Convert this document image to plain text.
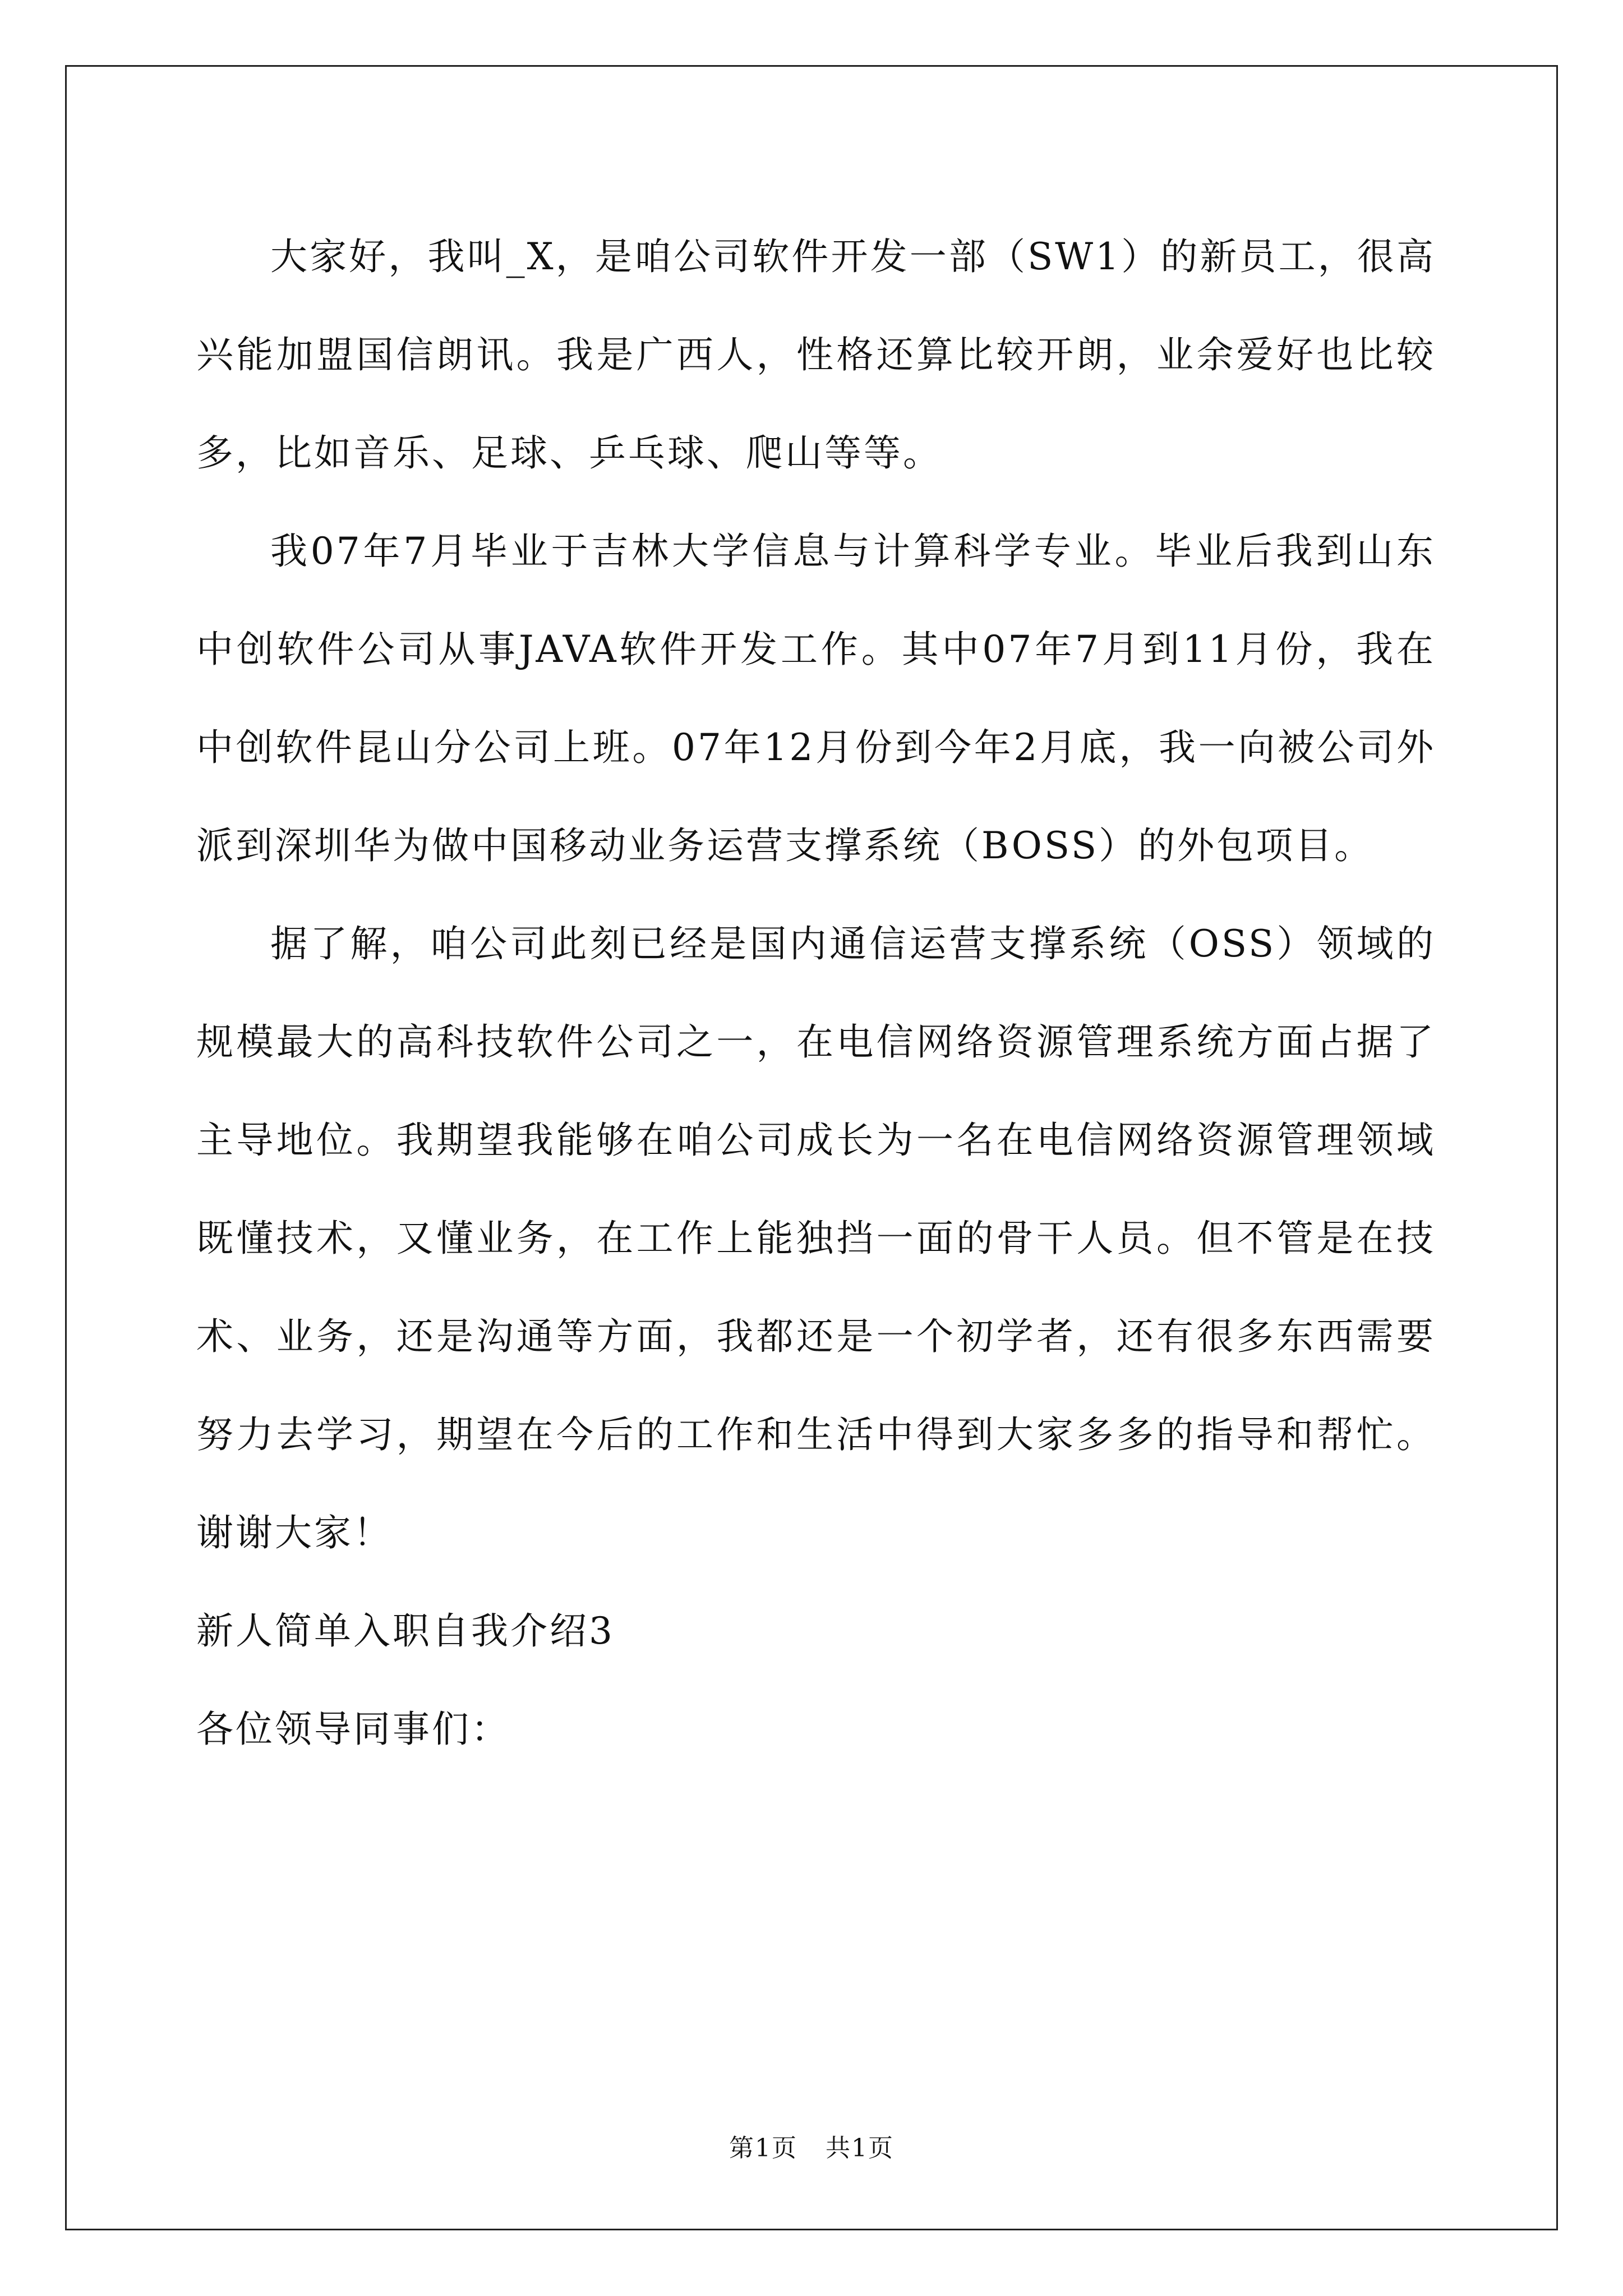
大家好，我叫_X，是咱公司软件开发一部（SW1）的新员工，很高兴能加盟国信朗讯。我是广西人，性格还算比较开朗，业余爱好也比较多，比如音乐、足球、乒乓球、爬山等等。

我07年7月毕业于吉林大学信息与计算科学专业。毕业后我到山东中创软件公司从事JAVA软件开发工作。其中07年7月到11月份，我在中创软件昆山分公司上班。07年12月份到今年2月底，我一向被公司外派到深圳华为做中国移动业务运营支撑系统（BOSS）的外包项目。

据了解，咱公司此刻已经是国内通信运营支撑系统（OSS）领域的规模最大的高科技软件公司之一，在电信网络资源管理系统方面占据了主导地位。我期望我能够在咱公司成长为一名在电信网络资源管理领域既懂技术，又懂业务，在工作上能独挡一面的骨干人员。但不管是在技术、业务，还是沟通等方面，我都还是一个初学者，还有很多东西需要努力去学习，期望在今后的工作和生活中得到大家多多的指导和帮忙。谢谢大家！

新人简单入职自我介绍3

各位领导同事们：

第1页 共1页
